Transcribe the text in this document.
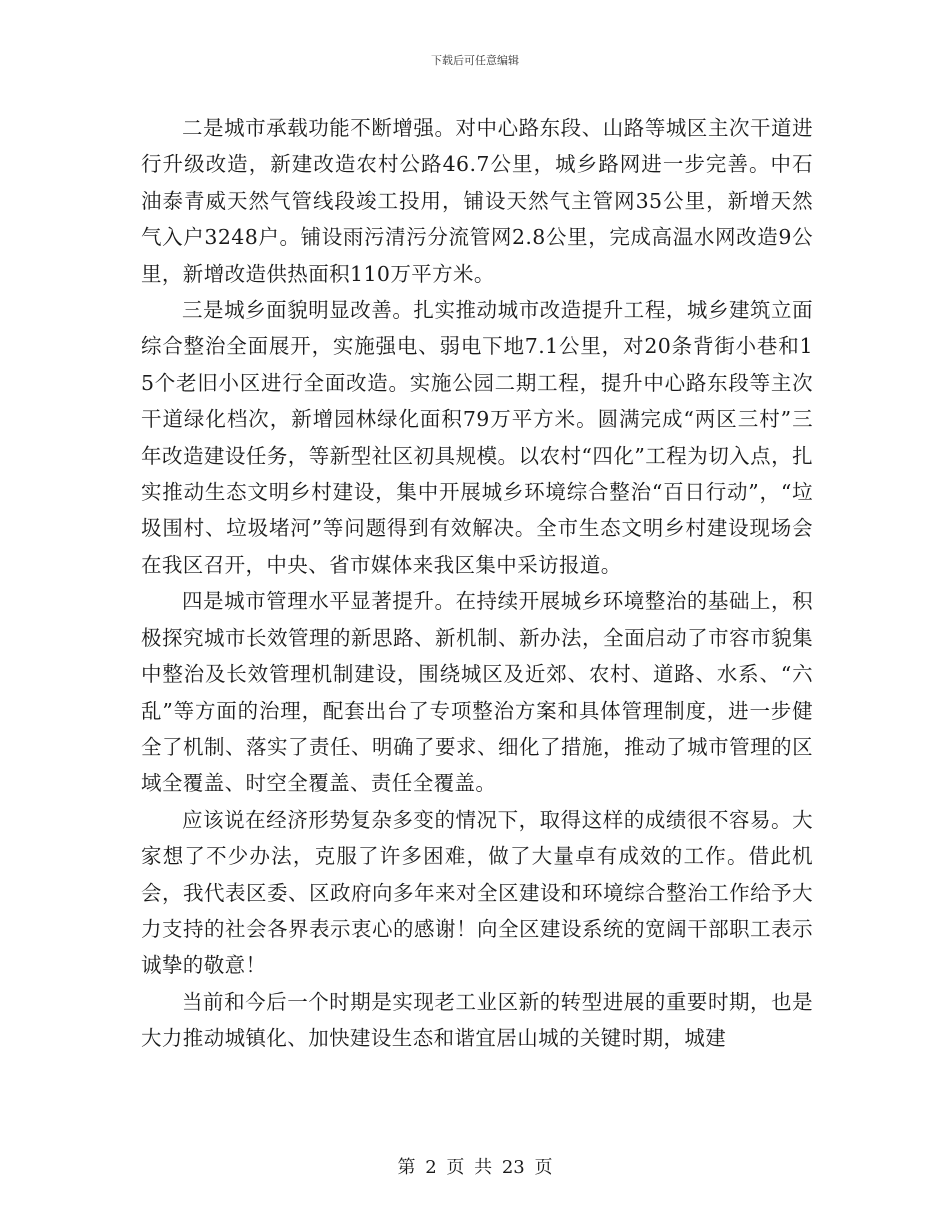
下载后可任意编辑

二是城市承载功能不断增强。对中心路东段、山路等城区主次干道进行升级改造，新建改造农村公路46.7公里，城乡路网进一步完善。中石油泰青威天然气管线段竣工投用，铺设天然气主管网35公里，新增天然气入户3248户。铺设雨污清污分流管网2.8公里，完成高温水网改造9公里，新增改造供热面积110万平方米。

三是城乡面貌明显改善。扎实推动城市改造提升工程，城乡建筑立面综合整治全面展开，实施强电、弱电下地7.1公里，对20条背街小巷和15个老旧小区进行全面改造。实施公园二期工程，提升中心路东段等主次干道绿化档次，新增园林绿化面积79万平方米。圆满完成“两区三村”三年改造建设任务，等新型社区初具规模。以农村“四化”工程为切入点，扎实推动生态文明乡村建设，集中开展城乡环境综合整治“百日行动”，“垃圾围村、垃圾堵河”等问题得到有效解决。全市生态文明乡村建设现场会在我区召开，中央、省市媒体来我区集中采访报道。

四是城市管理水平显著提升。在持续开展城乡环境整治的基础上，积极探究城市长效管理的新思路、新机制、新办法，全面启动了市容市貌集中整治及长效管理机制建设，围绕城区及近郊、农村、道路、水系、“六乱”等方面的治理，配套出台了专项整治方案和具体管理制度，进一步健全了机制、落实了责任、明确了要求、细化了措施，推动了城市管理的区域全覆盖、时空全覆盖、责任全覆盖。

应该说在经济形势复杂多变的情况下，取得这样的成绩很不容易。大家想了不少办法，克服了许多困难，做了大量卓有成效的工作。借此机会，我代表区委、区政府向多年来对全区建设和环境综合整治工作给予大力支持的社会各界表示衷心的感谢！向全区建设系统的宽阔干部职工表示诚挚的敬意！

当前和今后一个时期是实现老工业区新的转型进展的重要时期，也是大力推动城镇化、加快建设生态和谐宜居山城的关键时期，城建

第 2 页 共 23 页
